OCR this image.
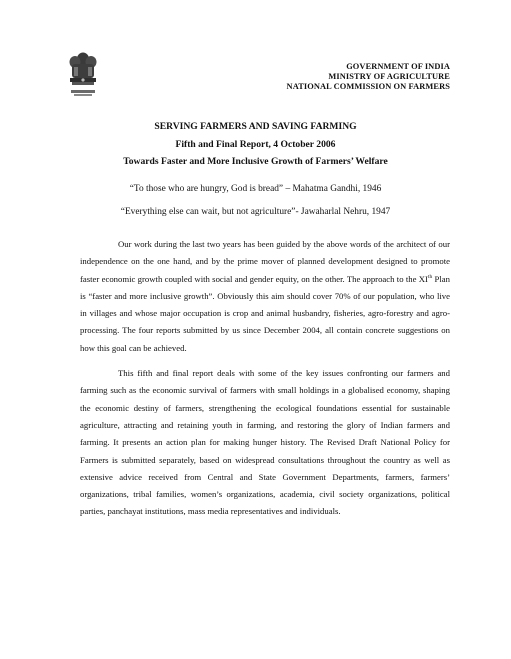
GOVERNMENT OF INDIA
MINISTRY OF AGRICULTURE
NATIONAL COMMISSION ON FARMERS
SERVING FARMERS AND SAVING FARMING
Fifth and Final Report, 4 October 2006
Towards Faster and More Inclusive Growth of Farmers’ Welfare
“To those who are hungry, God is bread” – Mahatma Gandhi, 1946
“Everything else can wait, but not agriculture”- Jawaharlal Nehru, 1947

Our work during the last two years has been guided by the above words of the architect of our independence on the one hand, and by the prime mover of planned development designed to promote faster economic growth coupled with social and gender equity, on the other. The approach to the XIth Plan is “faster and more inclusive growth”. Obviously this aim should cover 70% of our population, who live in villages and whose major occupation is crop and animal husbandry, fisheries, agro-forestry and agro-processing. The four reports submitted by us since December 2004, all contain concrete suggestions on how this goal can be achieved.

This fifth and final report deals with some of the key issues confronting our farmers and farming such as the economic survival of farmers with small holdings in a globalised economy, shaping the economic destiny of farmers, strengthening the ecological foundations essential for sustainable agriculture, attracting and retaining youth in farming, and restoring the glory of Indian farmers and farming. It presents an action plan for making hunger history. The Revised Draft National Policy for Farmers is submitted separately, based on widespread consultations throughout the country as well as extensive advice received from Central and State Government Departments, farmers, farmers’ organizations, tribal families, women’s organizations, academia, civil society organizations, political parties, panchayat institutions, mass media representatives and individuals.
